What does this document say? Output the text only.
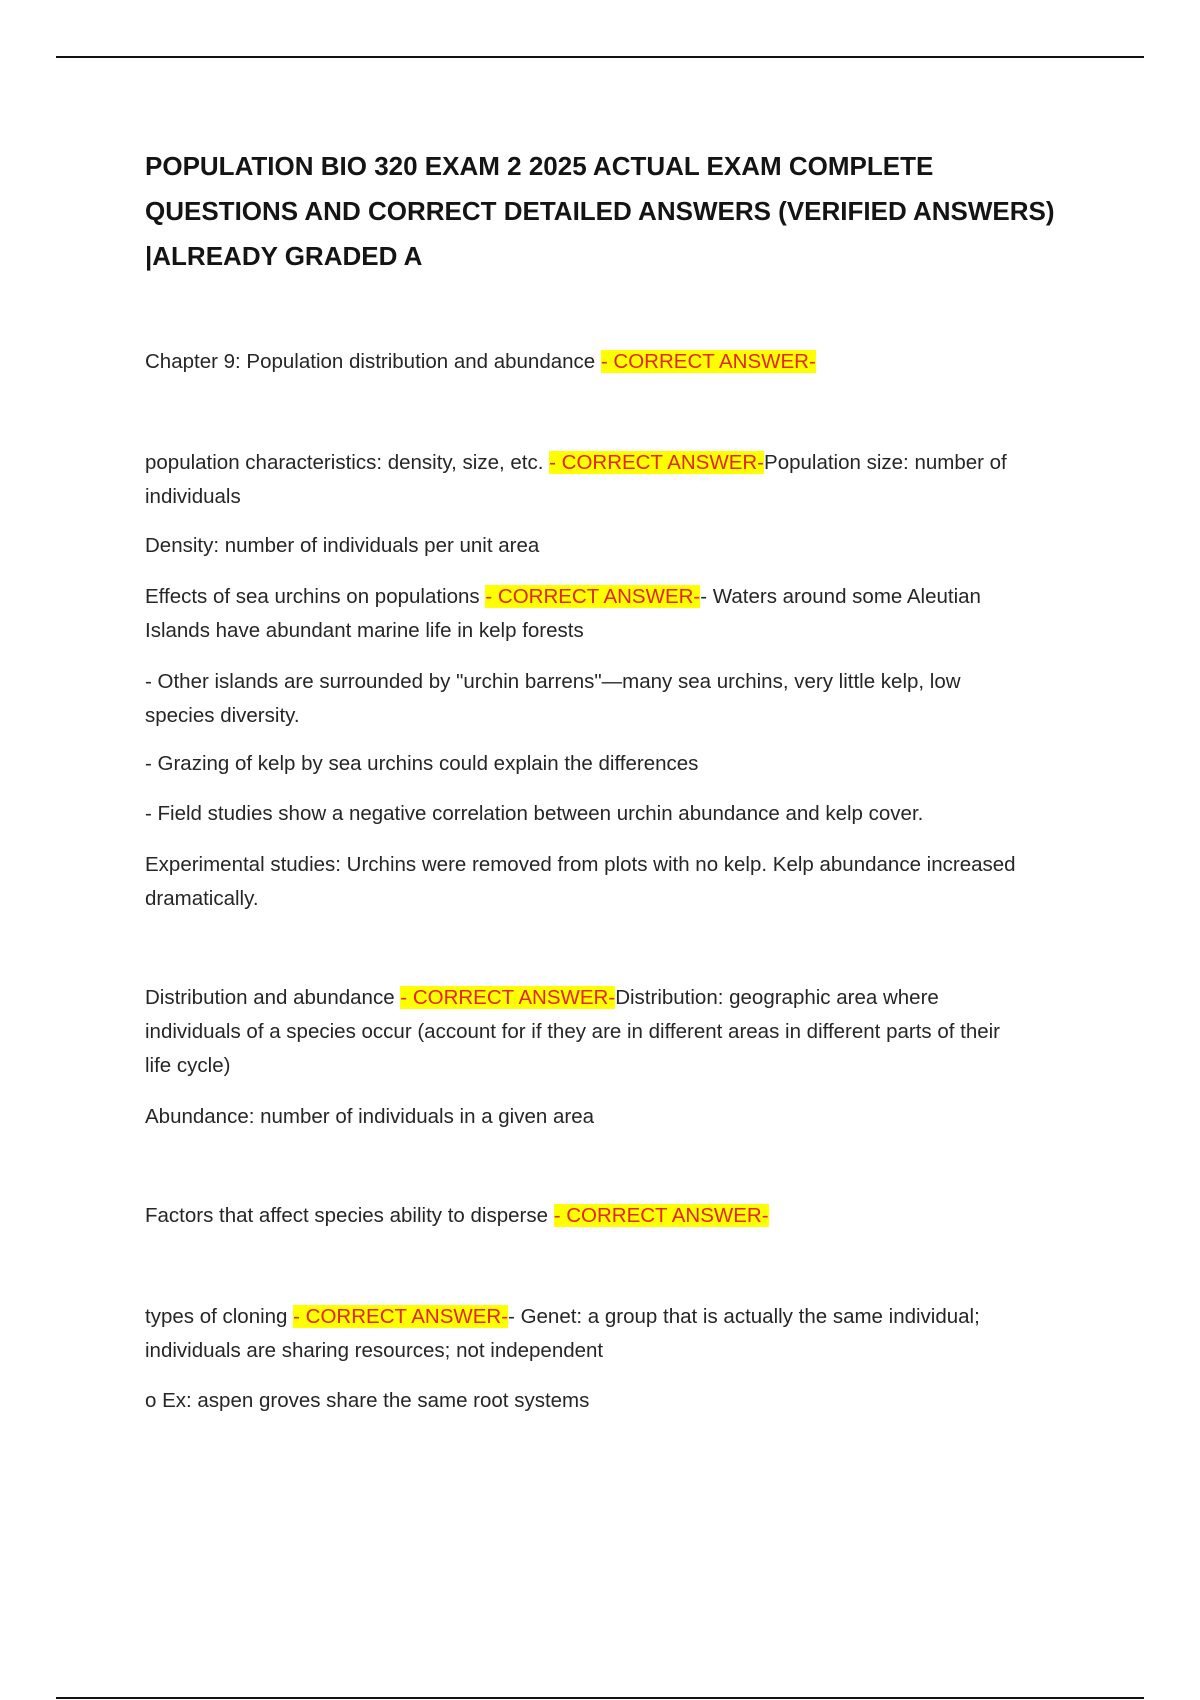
POPULATION BIO 320 EXAM 2 2025 ACTUAL EXAM COMPLETE
QUESTIONS AND CORRECT DETAILED ANSWERS (VERIFIED ANSWERS)
|ALREADY GRADED A
Chapter 9: Population distribution and abundance - CORRECT ANSWER-
population characteristics: density, size, etc. - CORRECT ANSWER-Population size: number of
individuals
Density: number of individuals per unit area
Effects of sea urchins on populations - CORRECT ANSWER-- Waters around some Aleutian
Islands have abundant marine life in kelp forests
- Other islands are surrounded by "urchin barrens"—many sea urchins, very little kelp, low
species diversity.
- Grazing of kelp by sea urchins could explain the differences
- Field studies show a negative correlation between urchin abundance and kelp cover.
Experimental studies: Urchins were removed from plots with no kelp. Kelp abundance increased
dramatically.
Distribution and abundance - CORRECT ANSWER-Distribution: geographic area where
individuals of a species occur (account for if they are in different areas in different parts of their
life cycle)
Abundance: number of individuals in a given area
Factors that affect species ability to disperse - CORRECT ANSWER-
types of cloning - CORRECT ANSWER-- Genet: a group that is actually the same individual;
individuals are sharing resources; not independent
o Ex: aspen groves share the same root systems
